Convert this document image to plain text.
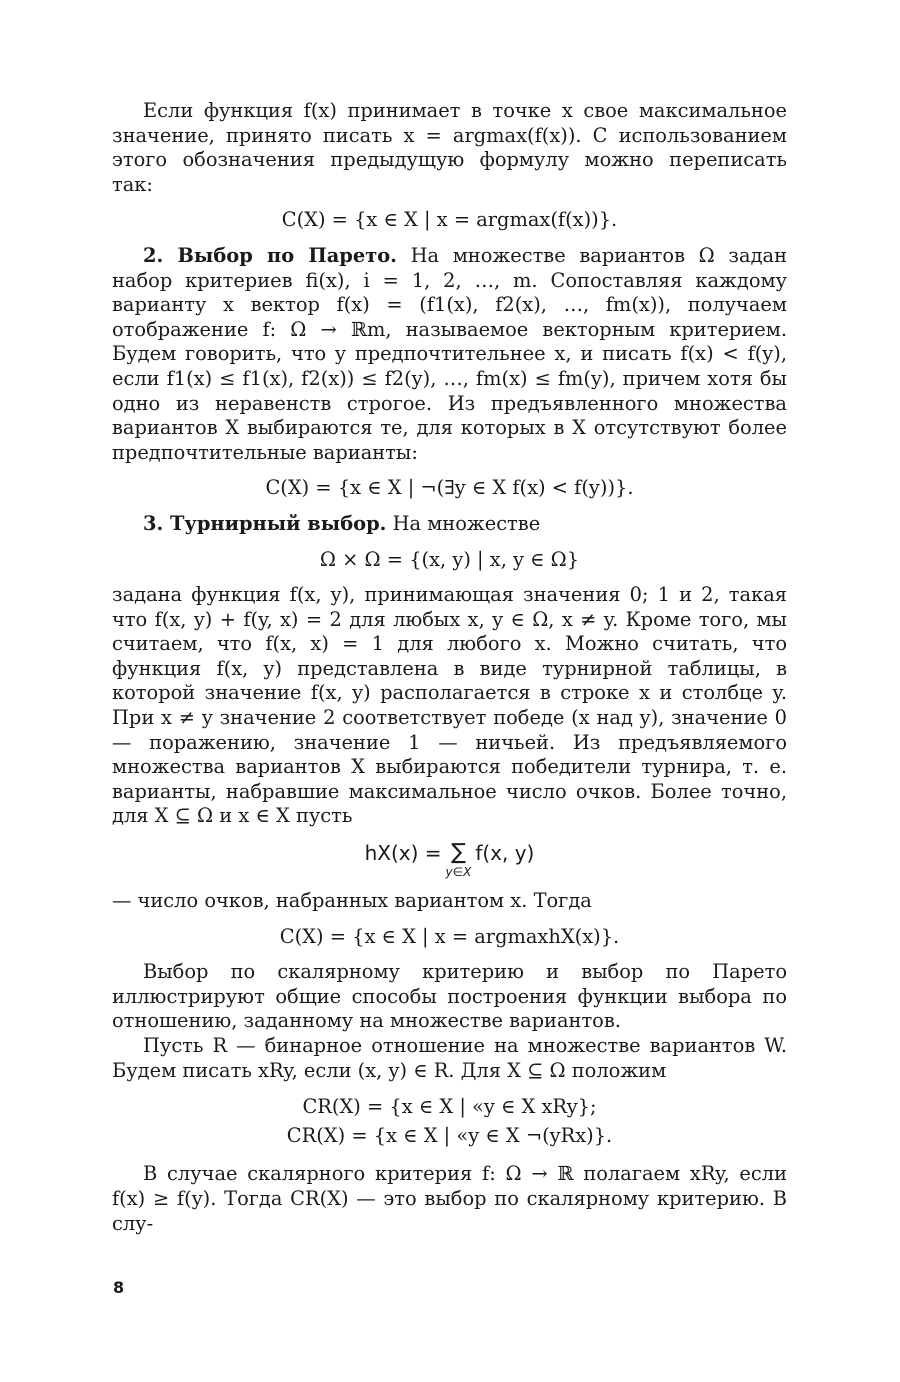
Если функция f(x) принимает в точке x свое максимальное значение, принято писать x = argmax(f(x)). С использованием этого обозначения предыдущую формулу можно переписать так:

C(X) = {x ∈ X | x = argmax(f(x))}.

2. Выбор по Парето. На множестве вариантов Ω задан набор критериев fi(x), i = 1, 2, …, m. Сопоставляя каждому варианту x вектор f(x) = (f1(x), f2(x), …, fm(x)), получаем отображение f: Ω → ℝm, называемое векторным критерием. Будем говорить, что y предпочтительнее x, и писать f(x) < f(y), если f1(x) ≤ f1(x), f2(x)) ≤ f2(y), …, fm(x) ≤ fm(y), причем хотя бы одно из неравенств строгое. Из предъявленного множества вариантов X выбираются те, для которых в X отсутствуют более предпочтительные варианты:

C(X) = {x ∈ X | ¬(∃y ∈ X f(x) < f(y))}.

3. Турнирный выбор. На множестве

Ω × Ω = {(x, y) | x, y ∈ Ω}

задана функция f(x, y), принимающая значения 0; 1 и 2, такая что f(x, y) + f(y, x) = 2 для любых x, y ∈ Ω, x ≠ y. Кроме того, мы считаем, что f(x, x) = 1 для любого x. Можно считать, что функция f(x, y) представлена в виде турнирной таблицы, в которой значение f(x, y) располагается в строке x и столбце y. При x ≠ y значение 2 соответствует победе (x над y), значение 0 — поражению, значение 1 — ничьей. Из предъявляемого множества вариантов X выбираются победители турнира, т. е. варианты, набравшие максимальное число очков. Более точно, для X ⊆ Ω и x ∈ X пусть

hX(x) = ∑
y∈X
f(x, y)

— число очков, набранных вариантом x. Тогда

C(X) = {x ∈ X | x = argmaxhX(x)}.

Выбор по скалярному критерию и выбор по Парето иллюстрируют общие способы построения функции выбора по отношению, заданному на множестве вариантов.

Пусть R — бинарное отношение на множестве вариантов W. Будем писать xRy, если (x, y) ∈ R. Для X ⊆ Ω положим

CR(X) = {x ∈ X | «y ∈ X xRy};
CR(X) = {x ∈ X | «y ∈ X ¬(yRx)}.

В случае скалярного критерия f: Ω → ℝ полагаем xRy, если f(x) ≥ f(y). Тогда CR(X) — это выбор по скалярному критерию. В слу-

8
